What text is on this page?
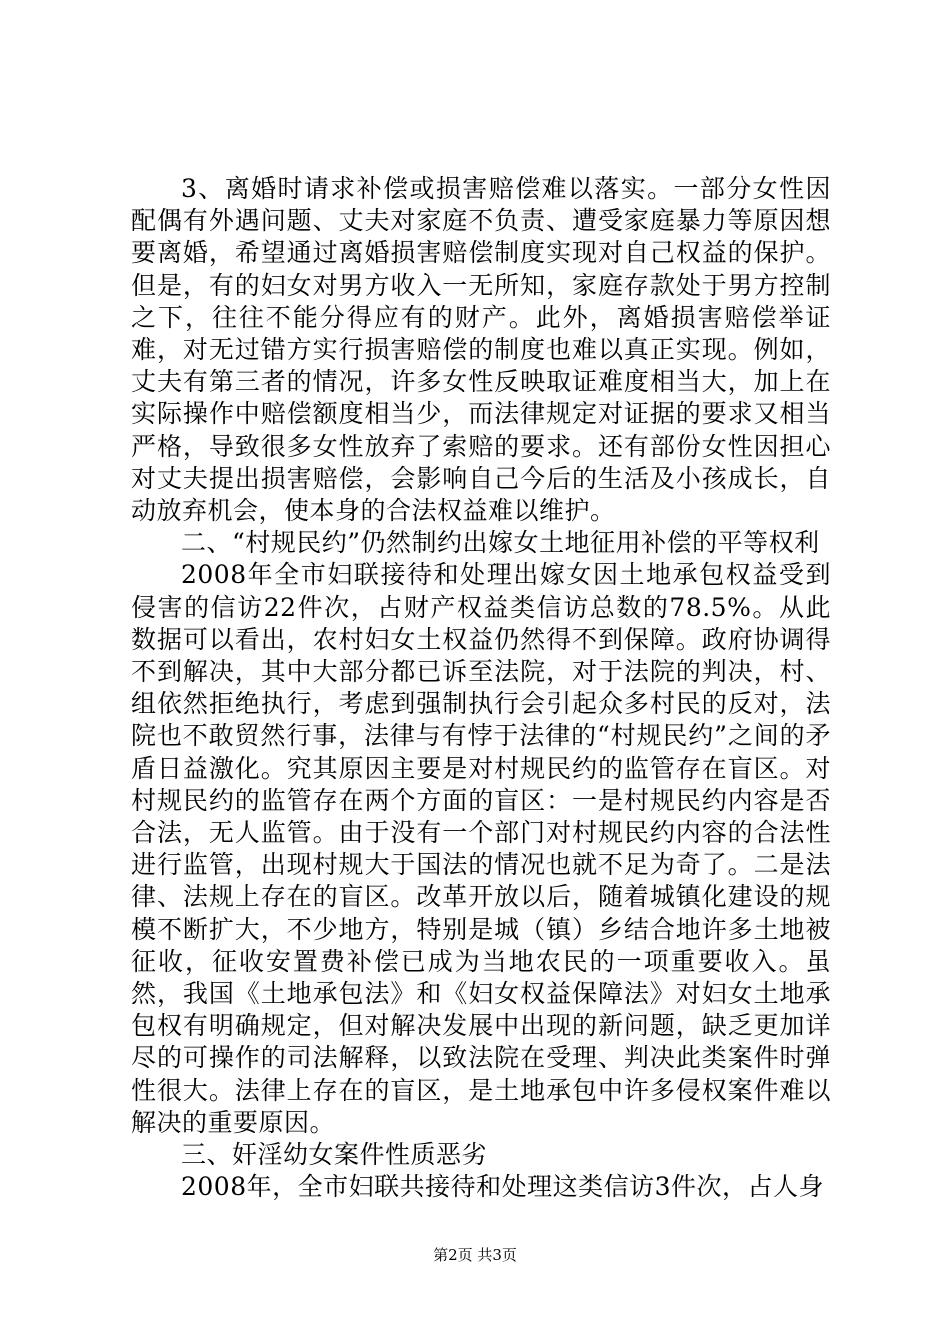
3、离婚时请求补偿或损害赔偿难以落实。一部分女性因配偶有外遇问题、丈夫对家庭不负责、遭受家庭暴力等原因想要离婚，希望通过离婚损害赔偿制度实现对自己权益的保护。但是，有的妇女对男方收入一无所知，家庭存款处于男方控制之下，往往不能分得应有的财产。此外，离婚损害赔偿举证难，对无过错方实行损害赔偿的制度也难以真正实现。例如，丈夫有第三者的情况，许多女性反映取证难度相当大，加上在实际操作中赔偿额度相当少，而法律规定对证据的要求又相当严格，导致很多女性放弃了索赔的要求。还有部份女性因担心对丈夫提出损害赔偿，会影响自己今后的生活及小孩成长，自动放弃机会，使本身的合法权益难以维护。

二、“村规民约”仍然制约出嫁女土地征用补偿的平等权利

2008年全市妇联接待和处理出嫁女因土地承包权益受到侵害的信访22件次，占财产权益类信访总数的78.5%。从此数据可以看出，农村妇女土权益仍然得不到保障。政府协调得不到解决，其中大部分都已诉至法院，对于法院的判决，村、组依然拒绝执行，考虑到强制执行会引起众多村民的反对，法院也不敢贸然行事，法律与有悖于法律的“村规民约”之间的矛盾日益激化。究其原因主要是对村规民约的监管存在盲区。对村规民约的监管存在两个方面的盲区：一是村规民约内容是否合法，无人监管。由于没有一个部门对村规民约内容的合法性进行监管，出现村规大于国法的情况也就不足为奇了。二是法律、法规上存在的盲区。改革开放以后，随着城镇化建设的规模不断扩大，不少地方，特别是城（镇）乡结合地许多土地被征收，征收安置费补偿已成为当地农民的一项重要收入。虽然，我国《土地承包法》和《妇女权益保障法》对妇女土地承包权有明确规定，但对解决发展中出现的新问题，缺乏更加详尽的可操作的司法解释，以致法院在受理、判决此类案件时弹性很大。法律上存在的盲区，是土地承包中许多侵权案件难以解决的重要原因。

三、奸淫幼女案件性质恶劣

2008年，全市妇联共接待和处理这类信访3件次，占人身

第2页 共3页
